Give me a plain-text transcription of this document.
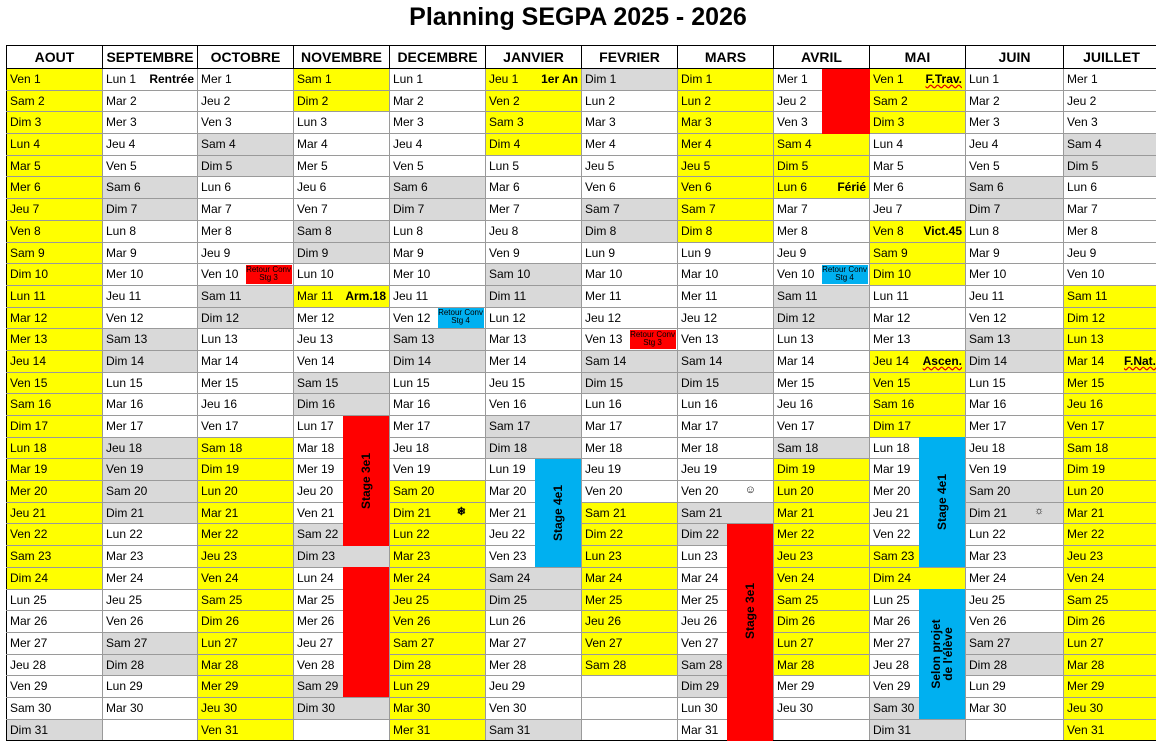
Planning SEGPA 2025 - 2026
AOUT	SEPTEMBRE	OCTOBRE	NOVEMBRE	DECEMBRE	JANVIER	FEVRIER	MARS	AVRIL	MAI	JUIN	JUILLET

Ven 1	Lun 1 Rentrée	Mer 1	Sam 1	Lun 1	Jeu 1 1er An	Dim 1	Dim 1	Mer 1	Ven 1 F.Trav.	Lun 1	Mer 1

Sam 2	Mar 2	Jeu 2	Dim 2	Mar 2	Ven 2	Lun 2	Lun 2	Jeu 2	Sam 2	Mar 2	Jeu 2

Dim 3	Mer 3	Ven 3	Lun 3	Mer 3	Sam 3	Mar 3	Mar 3	Ven 3	Dim 3	Mer 3	Ven 3

Lun 4	Jeu 4	Sam 4	Mar 4	Jeu 4	Dim 4	Mer 4	Mer 4	Sam 4	Lun 4	Jeu 4	Sam 4

Mar 5	Ven 5	Dim 5	Mer 5	Ven 5	Lun 5	Jeu 5	Jeu 5	Dim 5	Mar 5	Ven 5	Dim 5

Mer 6	Sam 6	Lun 6	Jeu 6	Sam 6	Mar 6	Ven 6	Ven 6	Lun 6 Férié	Mer 6	Sam 6	Lun 6

Jeu 7	Dim 7	Mar 7	Ven 7	Dim 7	Mer 7	Sam 7	Sam 7	Mar 7	Jeu 7	Dim 7	Mar 7

Ven 8	Lun 8	Mer 8	Sam 8	Lun 8	Jeu 8	Dim 8	Dim 8	Mer 8	Ven 8 Vict.45	Lun 8	Mer 8

Sam 9	Mar 9	Jeu 9	Dim 9	Mar 9	Ven 9	Lun 9	Lun 9	Jeu 9	Sam 9	Mar 9	Jeu 9

Dim 10	Mer 10	Ven 10	Lun 10	Mer 10	Sam 10	Mar 10	Mar 10	Ven 10	Dim 10	Mer 10	Ven 10

Lun 11	Jeu 11	Sam 11	Mar 11 Arm.18	Jeu 11	Dim 11	Mer 11	Mer 11	Sam 11	Lun 11	Jeu 11	Sam 11

Mar 12	Ven 12	Dim 12	Mer 12	Ven 12	Lun 12	Jeu 12	Jeu 12	Dim 12	Mar 12	Ven 12	Dim 12

Mer 13	Sam 13	Lun 13	Jeu 13	Sam 13	Mar 13	Ven 13	Ven 13	Lun 13	Mer 13	Sam 13	Lun 13

Jeu 14	Dim 14	Mar 14	Ven 14	Dim 14	Mer 14	Sam 14	Sam 14	Mar 14	Jeu 14 Ascen.	Dim 14	Mar 14 F.Nat.

Ven 15	Lun 15	Mer 15	Sam 15	Lun 15	Jeu 15	Dim 15	Dim 15	Mer 15	Ven 15	Lun 15	Mer 15

Sam 16	Mar 16	Jeu 16	Dim 16	Mar 16	Ven 16	Lun 16	Lun 16	Jeu 16	Sam 16	Mar 16	Jeu 16

Dim 17	Mer 17	Ven 17	Lun 17	Mer 17	Sam 17	Mar 17	Mar 17	Ven 17	Dim 17	Mer 17	Ven 17

Lun 18	Jeu 18	Sam 18	Mar 18	Jeu 18	Dim 18	Mer 18	Mer 18	Sam 18	Lun 18	Jeu 18	Sam 18

Mar 19	Ven 19	Dim 19	Mer 19	Ven 19	Lun 19	Jeu 19	Jeu 19	Dim 19	Mar 19	Ven 19	Dim 19

Mer 20	Sam 20	Lun 20	Jeu 20	Sam 20	Mar 20	Ven 20	Ven 20	Lun 20	Mer 20	Sam 20	Lun 20

Jeu 21	Dim 21	Mar 21	Ven 21	Dim 21	Mer 21	Sam 21	Sam 21	Mar 21	Jeu 21	Dim 21	Mar 21

Ven 22	Lun 22	Mer 22	Sam 22	Lun 22	Jeu 22	Dim 22	Dim 22	Mer 22	Ven 22	Lun 22	Mer 22

Sam 23	Mar 23	Jeu 23	Dim 23	Mar 23	Ven 23	Lun 23	Lun 23	Jeu 23	Sam 23	Mar 23	Jeu 23

Dim 24	Mer 24	Ven 24	Lun 24	Mer 24	Sam 24	Mar 24	Mar 24	Ven 24	Dim 24	Mer 24	Ven 24

Lun 25	Jeu 25	Sam 25	Mar 25	Jeu 25	Dim 25	Mer 25	Mer 25	Sam 25	Lun 25	Jeu 25	Sam 25

Mar 26	Ven 26	Dim 26	Mer 26	Ven 26	Lun 26	Jeu 26	Jeu 26	Dim 26	Mar 26	Ven 26	Dim 26

Mer 27	Sam 27	Lun 27	Jeu 27	Sam 27	Mar 27	Ven 27	Ven 27	Lun 27	Mer 27	Sam 27	Lun 27

Jeu 28	Dim 28	Mar 28	Ven 28	Dim 28	Mer 28	Sam 28	Sam 28	Mar 28	Jeu 28	Dim 28	Mar 28

Ven 29	Lun 29	Mer 29	Sam 29	Lun 29	Jeu 29		Dim 29	Mer 29	Ven 29	Lun 29	Mer 29

Sam 30	Mar 30	Jeu 30	Dim 30	Mar 30	Ven 30		Lun 30	Jeu 30	Sam 30	Mar 30	Jeu 30

Dim 31		Ven 31		Mer 31	Sam 31		Mar 31		Dim 31		Ven 31
Stage 3e1
Stage 4e1
Stage 3e1
Stage 4e1
Selon projet de l'élève
Retour Conv Stg 3
Retour Conv Stg 4
Retour Conv Stg 3
Retour Conv Stg 4
❄
☺
☼
